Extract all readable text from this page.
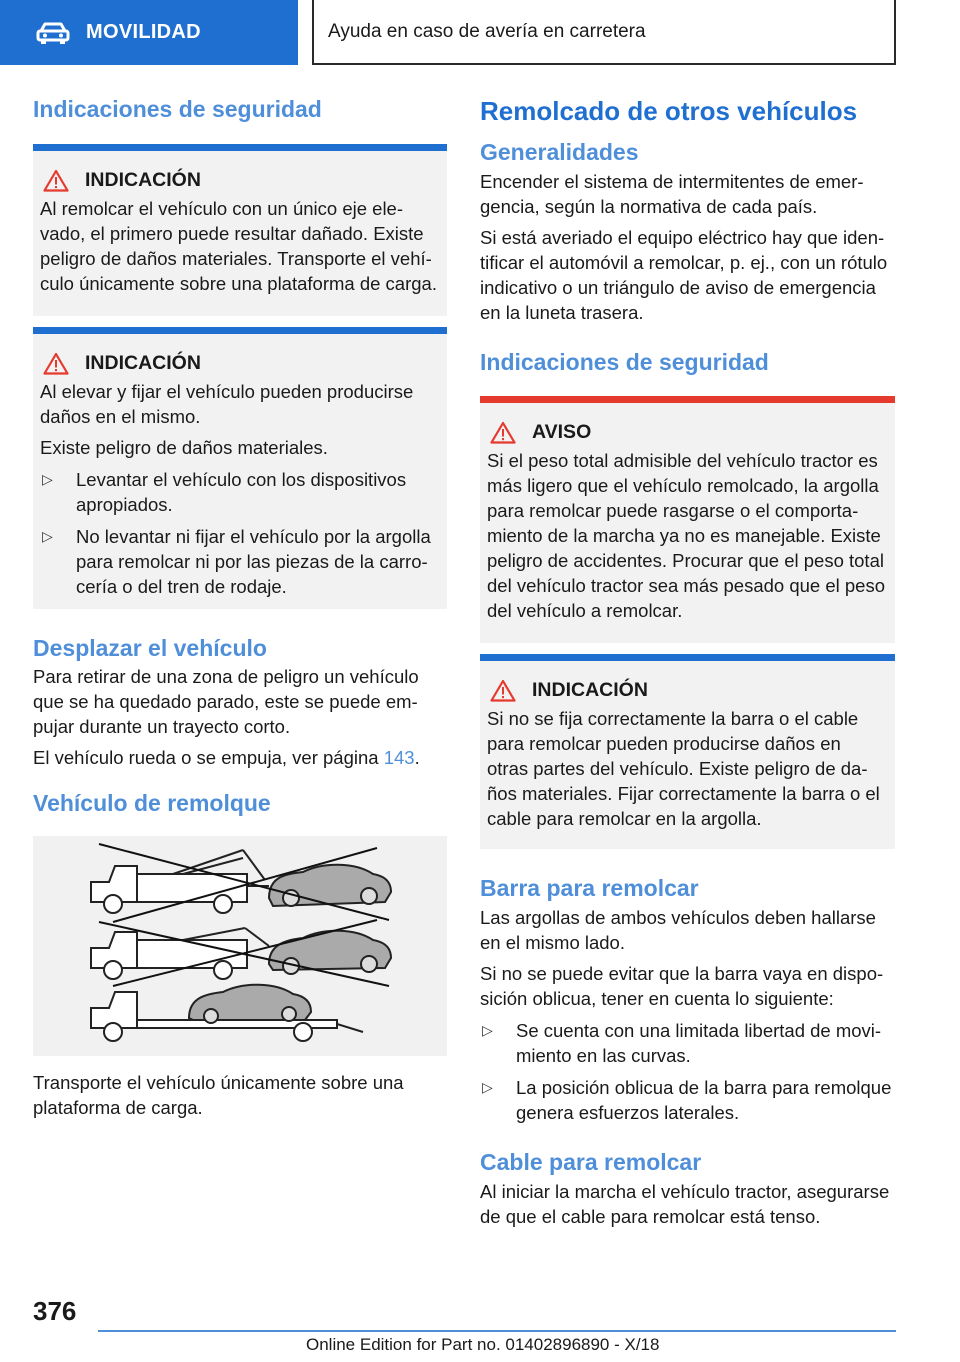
MOVILIDAD	Ayuda en caso de avería en carretera
Indicaciones de seguridad
INDICACIÓN

Al remolcar el vehículo con un único eje elevado, el primero puede resultar dañado. Existe peligro de daños materiales. Transporte el vehículo únicamente sobre una plataforma de carga.

INDICACIÓN

Al elevar y fijar el vehículo pueden producirse daños en el mismo.

Existe peligro de daños materiales.

▷ Levantar el vehículo con los dispositivos apropiados.
▷ No levantar ni fijar el vehículo por la argolla para remolcar ni por las piezas de la carrocería o del tren de rodaje.
Desplazar el vehículo

Para retirar de una zona de peligro un vehículo que se ha quedado parado, este se puede empujar durante un trayecto corto.

El vehículo rueda o se empuja, ver página 143.

Vehículo de remolque

Transporte el vehículo únicamente sobre una plataforma de carga.

Remolcado de otros vehículos
Generalidades

Encender el sistema de intermitentes de emergencia, según la normativa de cada país.

Si está averiado el equipo eléctrico hay que identificar el automóvil a remolcar, p. ej., con un rótulo indicativo o un triángulo de aviso de emergencia en la luneta trasera.

Indicaciones de seguridad
AVISO

Si el peso total admisible del vehículo tractor es más ligero que el vehículo remolcado, la argolla para remolcar puede rasgarse o el comportamiento de la marcha ya no es manejable. Existe peligro de accidentes. Procurar que el peso total del vehículo tractor sea más pesado que el peso del vehículo a remolcar.

INDICACIÓN

Si no se fija correctamente la barra o el cable para remolcar pueden producirse daños en otras partes del vehículo. Existe peligro de daños materiales. Fijar correctamente la barra o el cable para remolcar en la argolla.

Barra para remolcar

Las argollas de ambos vehículos deben hallarse en el mismo lado.

Si no se puede evitar que la barra vaya en disposición oblicua, tener en cuenta lo siguiente:

▷ Se cuenta con una limitada libertad de movimiento en las curvas.
▷ La posición oblicua de la barra para remolque genera esfuerzos laterales.
Cable para remolcar

Al iniciar la marcha el vehículo tractor, asegurarse de que el cable para remolcar está tenso.

376
Online Edition for Part no. 01402896890 - X/18
